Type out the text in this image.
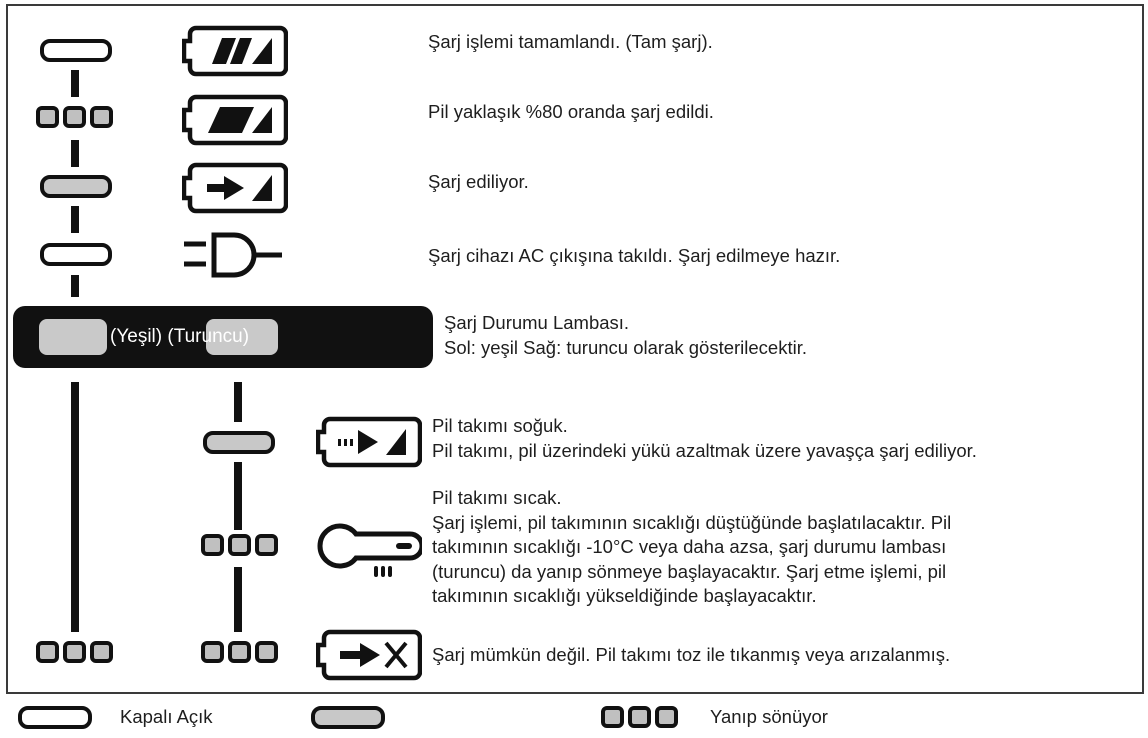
Şarj işlemi tamamlandı. (Tam şarj).
Pil yaklaşık %80 oranda şarj edildi.
Şarj ediliyor.
Şarj cihazı AC çıkışına takıldı. Şarj edilmeye hazır.
(Yeşil) (Turuncu)
Şarj Durumu Lambası.
Sol: yeşil Sağ: turuncu olarak gösterilecektir.
Pil takımı soğuk.
Pil takımı, pil üzerindeki yükü azaltmak üzere yavaşça şarj ediliyor.
Pil takımı sıcak.
Şarj işlemi, pil takımının sıcaklığı düştüğünde başlatılacaktır. Pil
takımının sıcaklığı -10°C veya daha azsa, şarj durumu lambası
(turuncu) da yanıp sönmeye başlayacaktır. Şarj etme işlemi, pil
takımının sıcaklığı yükseldiğinde başlayacaktır.
Şarj mümkün değil. Pil takımı toz ile tıkanmış veya arızalanmış.
Kapalı Açık	Yanıp sönüyor
